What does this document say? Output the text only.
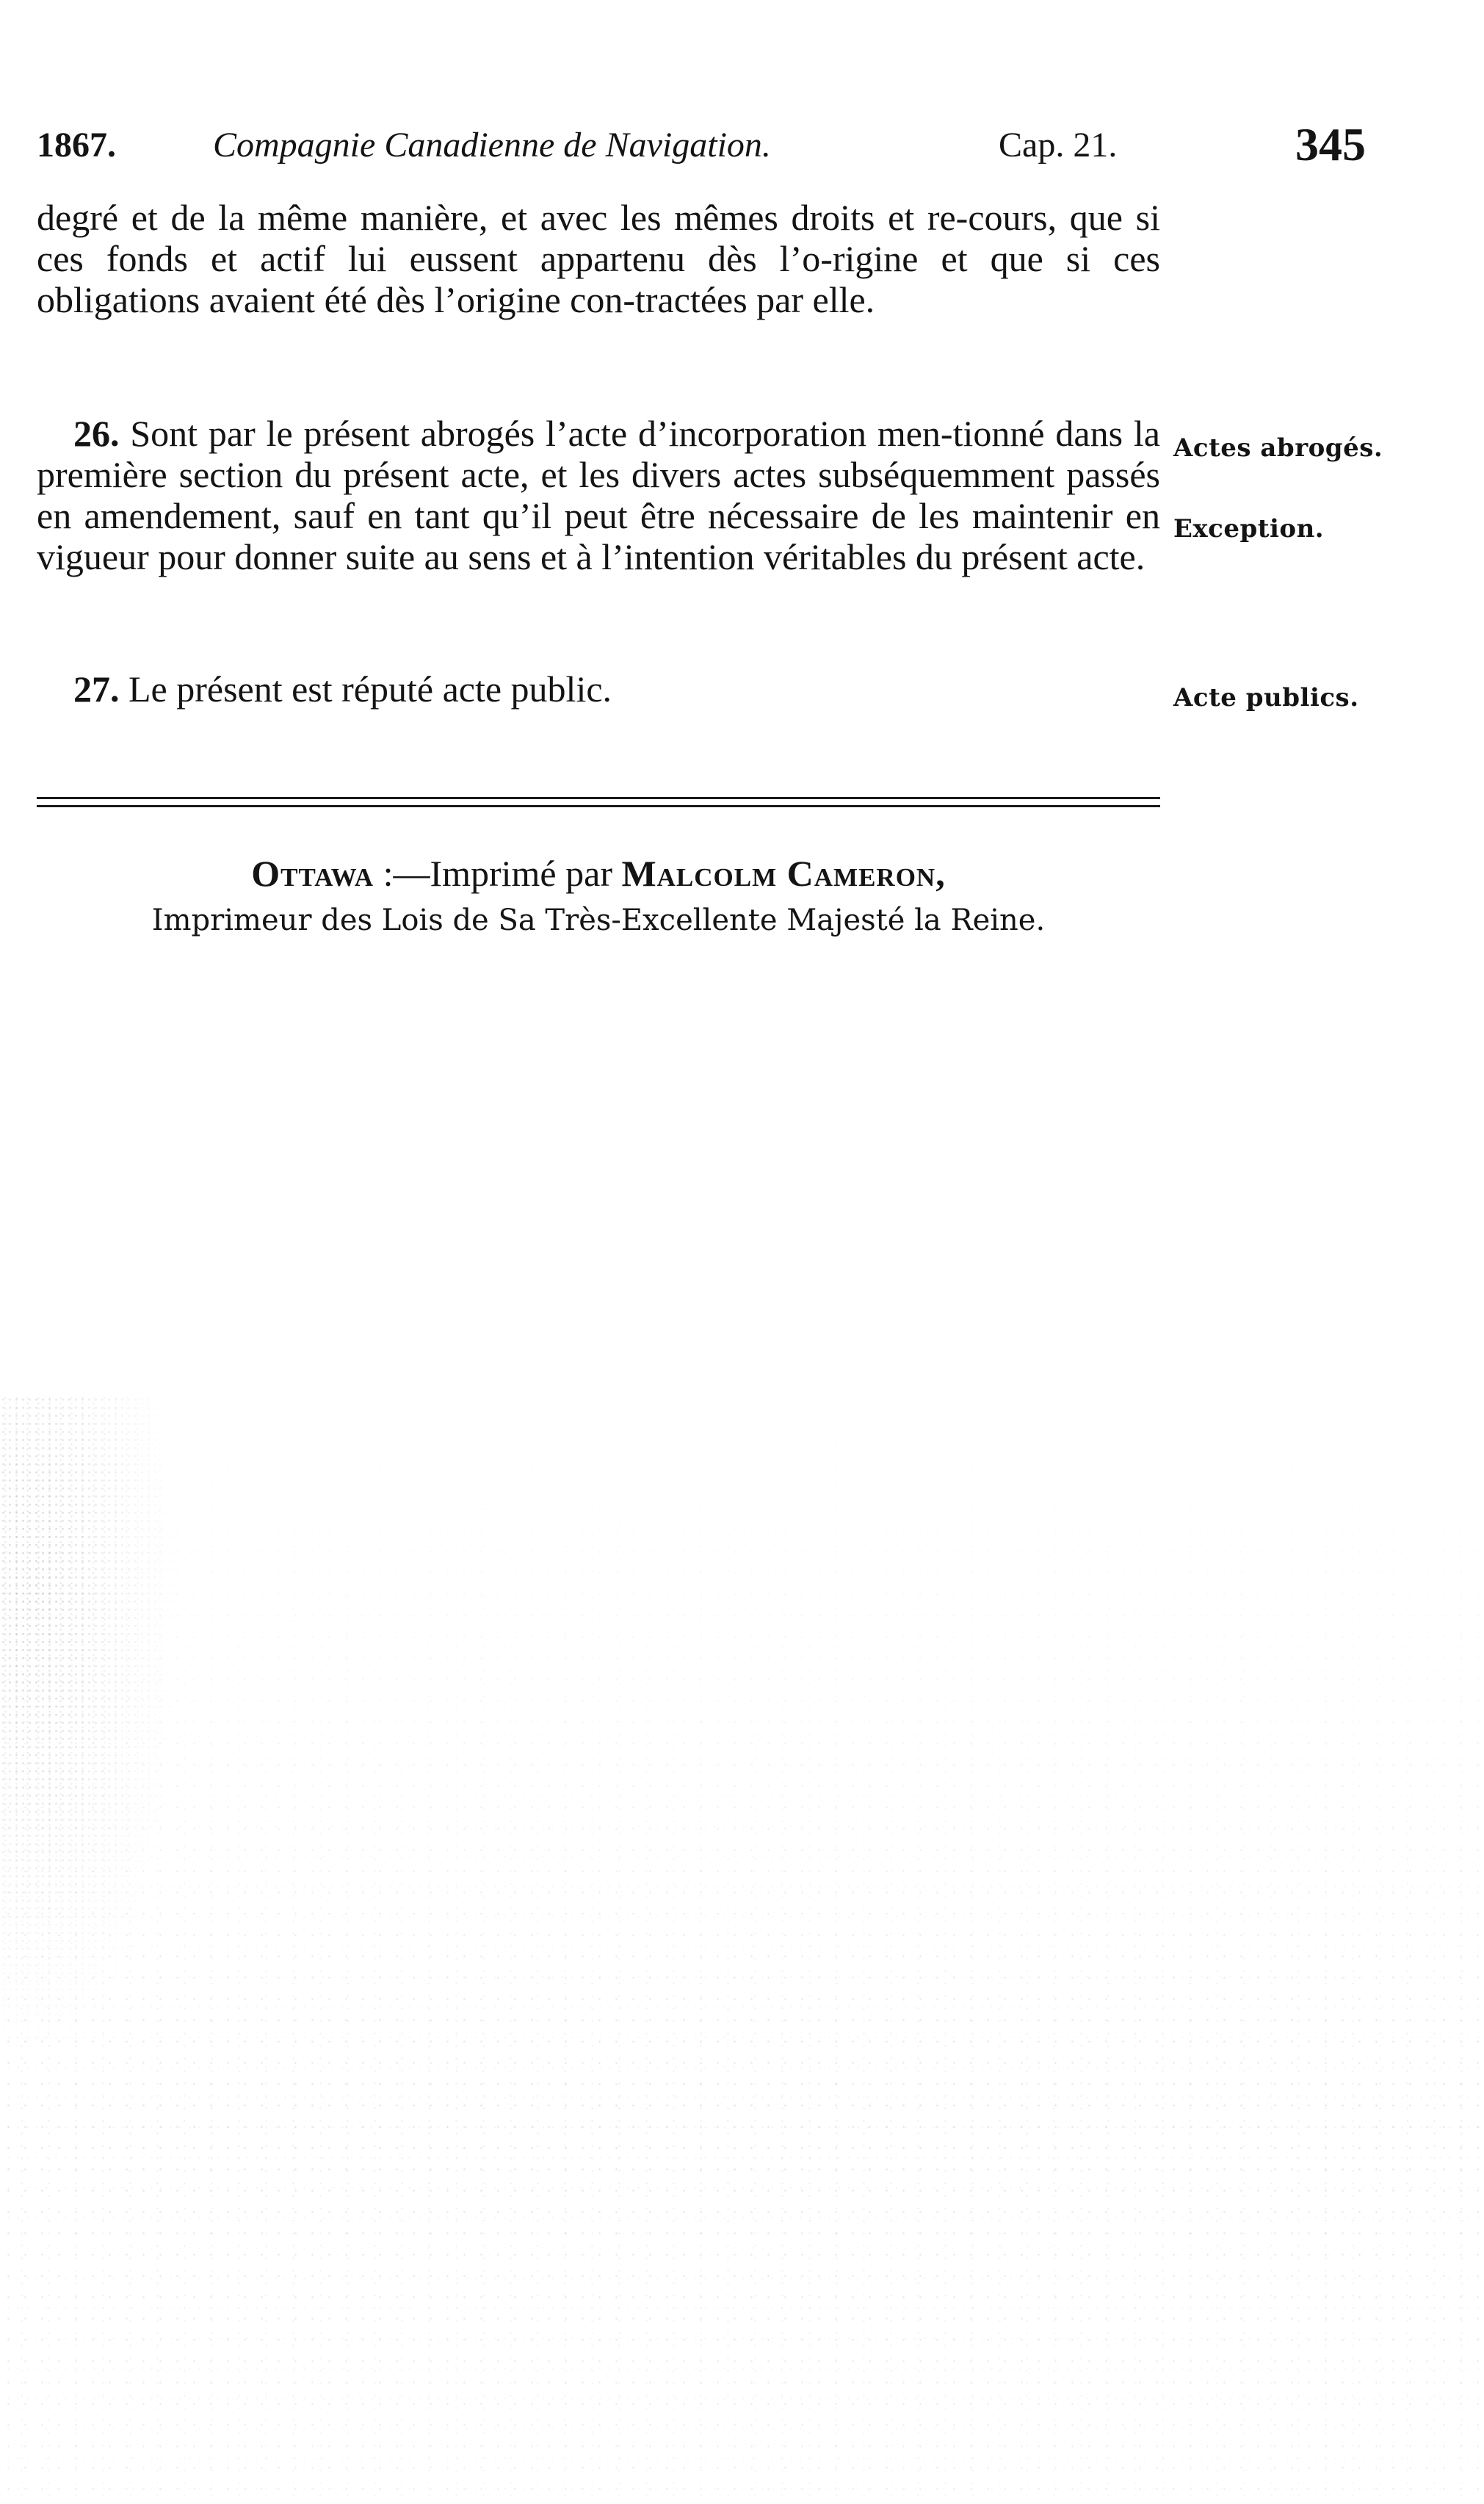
1867.	Compagnie Canadienne de Navigation.	Cap. 21.	345
degré et de la même manière, et avec les mêmes droits et re-cours, que si ces fonds et actif lui eussent appartenu dès l’o-rigine et que si ces obligations avaient été dès l’origine con-tractées par elle.
26. Sont par le présent abrogés l’acte d’incorporation men-tionné dans la première section du présent acte, et les divers actes subséquemment passés en amendement, sauf en tant qu’il peut être nécessaire de les maintenir en vigueur pour donner suite au sens et à l’intention véritables du présent acte.
27. Le présent est réputé acte public.
Actes abrogés.
Exception.
Acte publics.
Ottawa :—Imprimé par Malcolm Cameron,
Imprimeur des Lois de Sa Très-Excellente Majesté la Reine.
